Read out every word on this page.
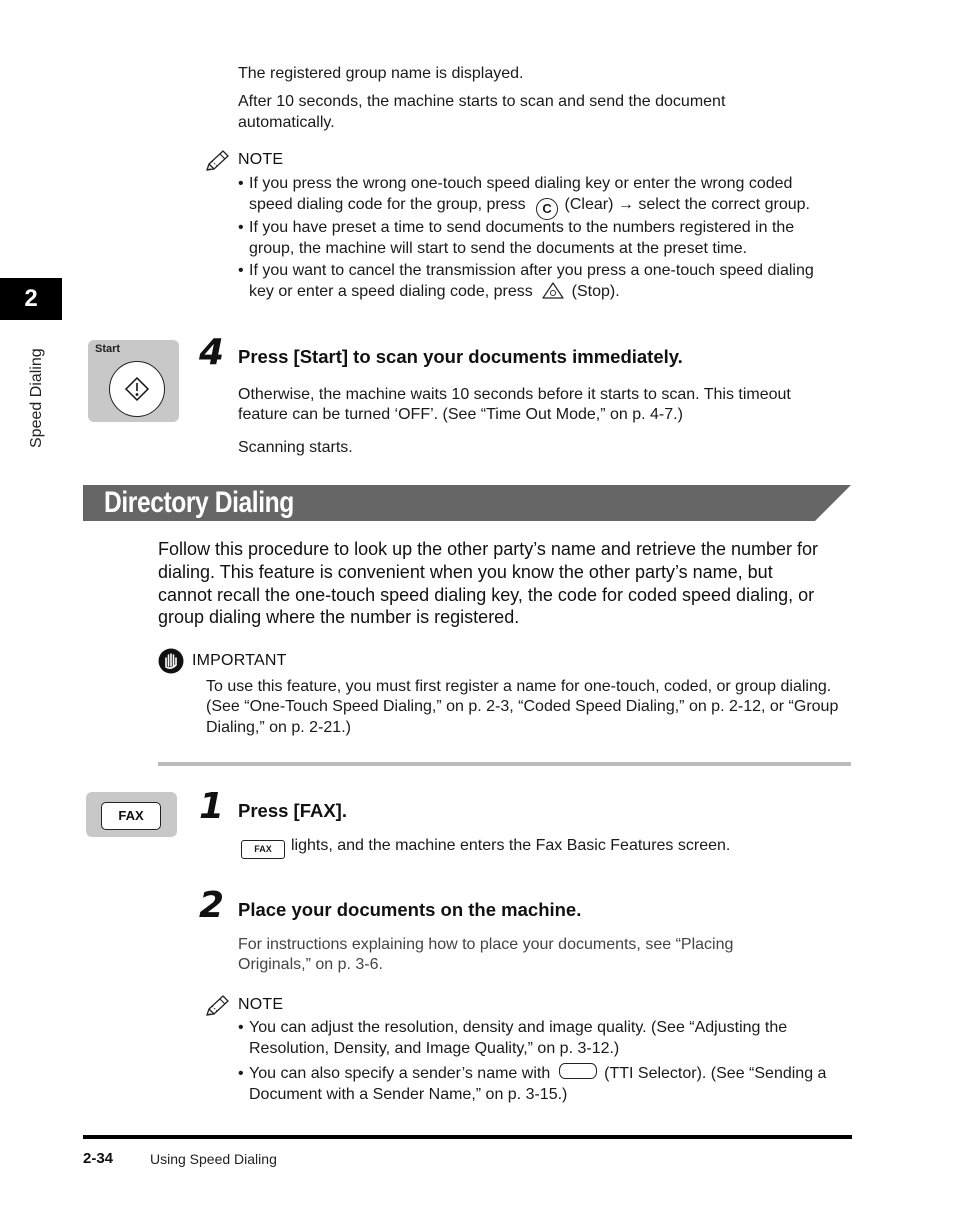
2
Speed Dialing
The registered group name is displayed.
After 10 seconds, the machine starts to scan and send the document
automatically.
NOTE
• If you press the wrong one-touch speed dialing key or enter the wrong coded
speed dialing code for the group, press C (Clear) → select the correct group.
• If you have preset a time to send documents to the numbers registered in the
group, the machine will start to send the documents at the preset time.
• If you want to cancel the transmission after you press a one-touch speed dialing
key or enter a speed dialing code, press (Stop).
Start 4 Press [Start] to scan your documents immediately.
Otherwise, the machine waits 10 seconds before it starts to scan. This timeout
feature can be turned ‘OFF’. (See “Time Out Mode,” on p. 4-7.)
Scanning starts.
Directory Dialing
Follow this procedure to look up the other party’s name and retrieve the number for
dialing. This feature is convenient when you know the other party’s name, but
cannot recall the one-touch speed dialing key, the code for coded speed dialing, or
group dialing where the number is registered.
IMPORTANT
To use this feature, you must first register a name for one-touch, coded, or group dialing.
(See “One-Touch Speed Dialing,” on p. 2-3, “Coded Speed Dialing,” on p. 2-12, or “Group
Dialing,” on p. 2-21.)
FAX	1 Press [FAX].
FAX lights, and the machine enters the Fax Basic Features screen.
2 Place your documents on the machine.
For instructions explaining how to place your documents, see “Placing
Originals,” on p. 3-6.
NOTE
• You can adjust the resolution, density and image quality. (See “Adjusting the
Resolution, Density, and Image Quality,” on p. 3-12.)
• You can also specify a sender’s name with	(TTI Selector). (See “Sending a
Document with a Sender Name,” on p. 3-15.)
2-34	Using Speed Dialing
